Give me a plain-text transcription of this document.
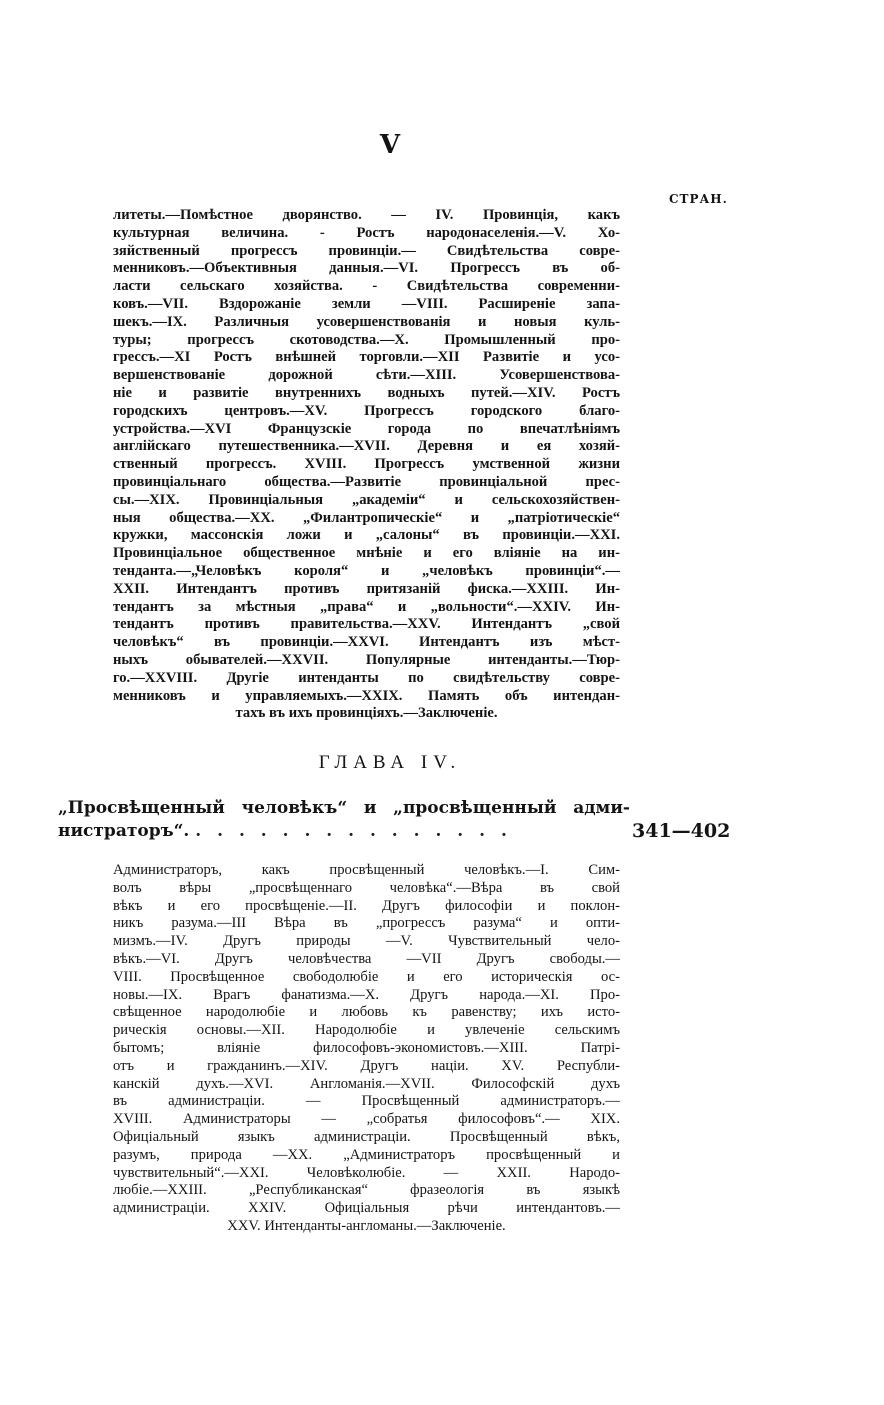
V
СТРАН.
литеты.—Помѣстное дворянство. — IV. Провинція, какъ
культурная величина. - Ростъ народонаселенія.—V. Хо-
зяйственный прогрессъ провинціи.— Свидѣтельства совре-
менниковъ.—Объективныя данныя.—VI. Прогрессъ въ об-
ласти сельскаго хозяйства. - Свидѣтельства современни-
ковъ.—VII. Вздорожаніе земли —VIII. Расширеніе запа-
шекъ.—IX. Различныя усовершенствованія и новыя куль-
туры; прогрессъ скотоводства.—X. Промышленный про-
грессъ.—XI Ростъ внѣшней торговли.—XII Развитіе и усо-
вершенствованіе дорожной сѣти.—XIII. Усовершенствова-
ніе и развитіе внутреннихъ водныхъ путей.—XIV. Ростъ
городскихъ центровъ.—XV. Прогрессъ городского благо-
устройства.—XVI Французскіе города по впечатлѣніямъ
англійскаго путешественника.—XVII. Деревня и ея хозяй-
ственный прогрессъ. XVIII. Прогрессъ умственной жизни
провинціальнаго общества.—Развитіе провинціальной прес-
сы.—XIX. Провинціальныя „академіи“ и сельскохозяйствен-
ныя общества.—XX. „Филантропическіе“ и „патріотическіе“
кружки, массонскія ложи и „салоны“ въ провинціи.—XXI.
Провинціальное общественное мнѣніе и его вліяніе на ин-
тенданта.—„Человѣкъ короля“ и „человѣкъ провинціи“.—
XXII. Интендантъ противъ притязаній фиска.—XXIII. Ин-
тендантъ за мѣстныя „права“ и „вольности“.—XXIV. Ин-
тендантъ противъ правительства.—XXV. Интендантъ „свой
человѣкъ“ въ провинціи.—XXVI. Интендантъ изъ мѣст-
ныхъ обывателей.—XXVII. Популярные интенданты.—Тюр-
го.—XXVIII. Другіе интенданты по свидѣтельству совре-
менниковъ и управляемыхъ.—XXIX. Память объ интендан-
тахъ въ ихъ провинціяхъ.—Заключеніе.
ГЛАВА IV.
„Просвѣщенный человѣкъ“ и „просвѣщенный адми-
нистраторъ“. . . . . . . . . . . . . . . .	341—402
Администраторъ, какъ просвѣщенный человѣкъ.—I. Сим-
волъ вѣры „просвѣщеннаго человѣка“.—Вѣра въ свой
вѣкъ и его просвѣщеніе.—II. Другъ философіи и поклон-
никъ разума.—III Вѣра въ „прогрессъ разума“ и опти-
мизмъ.—IV. Другъ природы —V. Чувствительный чело-
вѣкъ.—VI. Другъ человѣчества —VII Другъ свободы.—
VIII. Просвѣщенное свободолюбіе и его историческія ос-
новы.—IX. Врагъ фанатизма.—X. Другъ народа.—XI. Про-
свѣщенное народолюбіе и любовь къ равенству; ихъ исто-
рическія основы.—XII. Народолюбіе и увлеченіе сельскимъ
бытомъ; вліяніе философовъ-экономистовъ.—XIII. Патрі-
отъ и гражданинъ.—XIV. Другъ націи. XV. Республи-
канскій духъ.—XVI. Англоманія.—XVII. Философскій духъ
въ администраціи. — Просвѣщенный администраторъ.—
XVIII. Администраторы — „собратья философовъ“.— XIX.
Офиціальный языкъ администраціи. Просвѣщенный вѣкъ,
разумъ, природа —XX. „Администраторъ просвѣщенный и
чувствительный“.—XXI. Человѣколюбіе. — XXII. Народо-
любіе.—XXIII. „Республиканская“ фразеологія въ языкѣ
администраціи. XXIV. Офиціальныя рѣчи интендантовъ.—
XXV. Интенданты-англоманы.—Заключеніе.
